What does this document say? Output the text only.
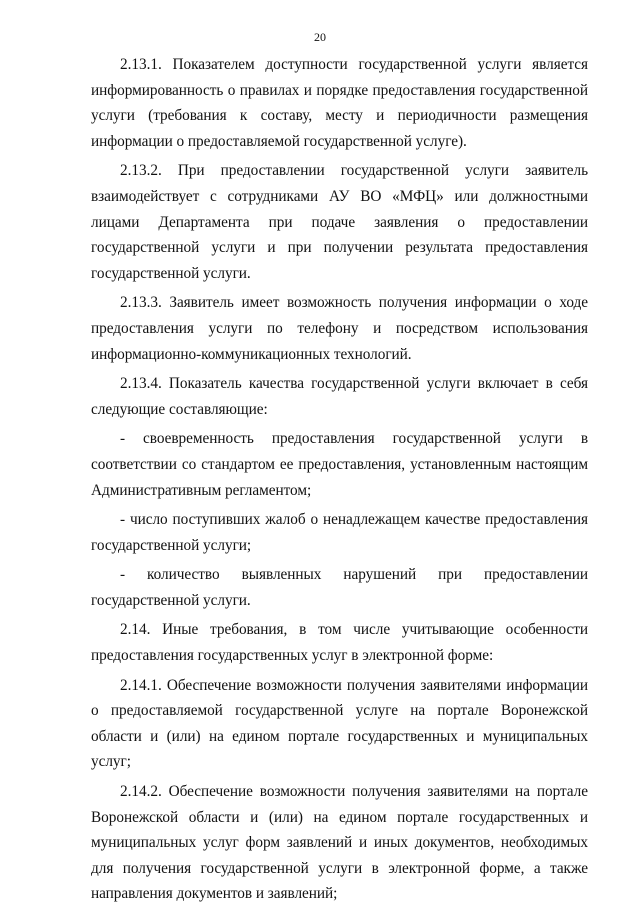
20

2.13.1. Показателем доступности государственной услуги является информированность о правилах и порядке предоставления государственной услуги (требования к составу, месту и периодичности размещения информации о предоставляемой государственной услуге).

2.13.2. При предоставлении государственной услуги заявитель взаимодействует с сотрудниками АУ ВО «МФЦ» или должностными лицами Департамента при подаче заявления о предоставлении государственной услуги и при получении результата предоставления государственной услуги.

2.13.3. Заявитель имеет возможность получения информации о ходе предоставления услуги по телефону и посредством использования информационно-коммуникационных технологий.

2.13.4. Показатель качества государственной услуги включает в себя следующие составляющие:

- своевременность предоставления государственной услуги в соответствии со стандартом ее предоставления, установленным настоящим Административным регламентом;

- число поступивших жалоб о ненадлежащем качестве предоставления государственной услуги;

- количество выявленных нарушений при предоставлении государственной услуги.

2.14. Иные требования, в том числе учитывающие особенности предоставления государственных услуг в электронной форме:

2.14.1. Обеспечение возможности получения заявителями информации о предоставляемой государственной услуге на портале Воронежской области и (или) на едином портале государственных и муниципальных услуг;

2.14.2. Обеспечение возможности получения заявителями на портале Воронежской области и (или) на едином портале государственных и муниципальных услуг форм заявлений и иных документов, необходимых для получения государственной услуги в электронной форме, а также направления документов и заявлений;
